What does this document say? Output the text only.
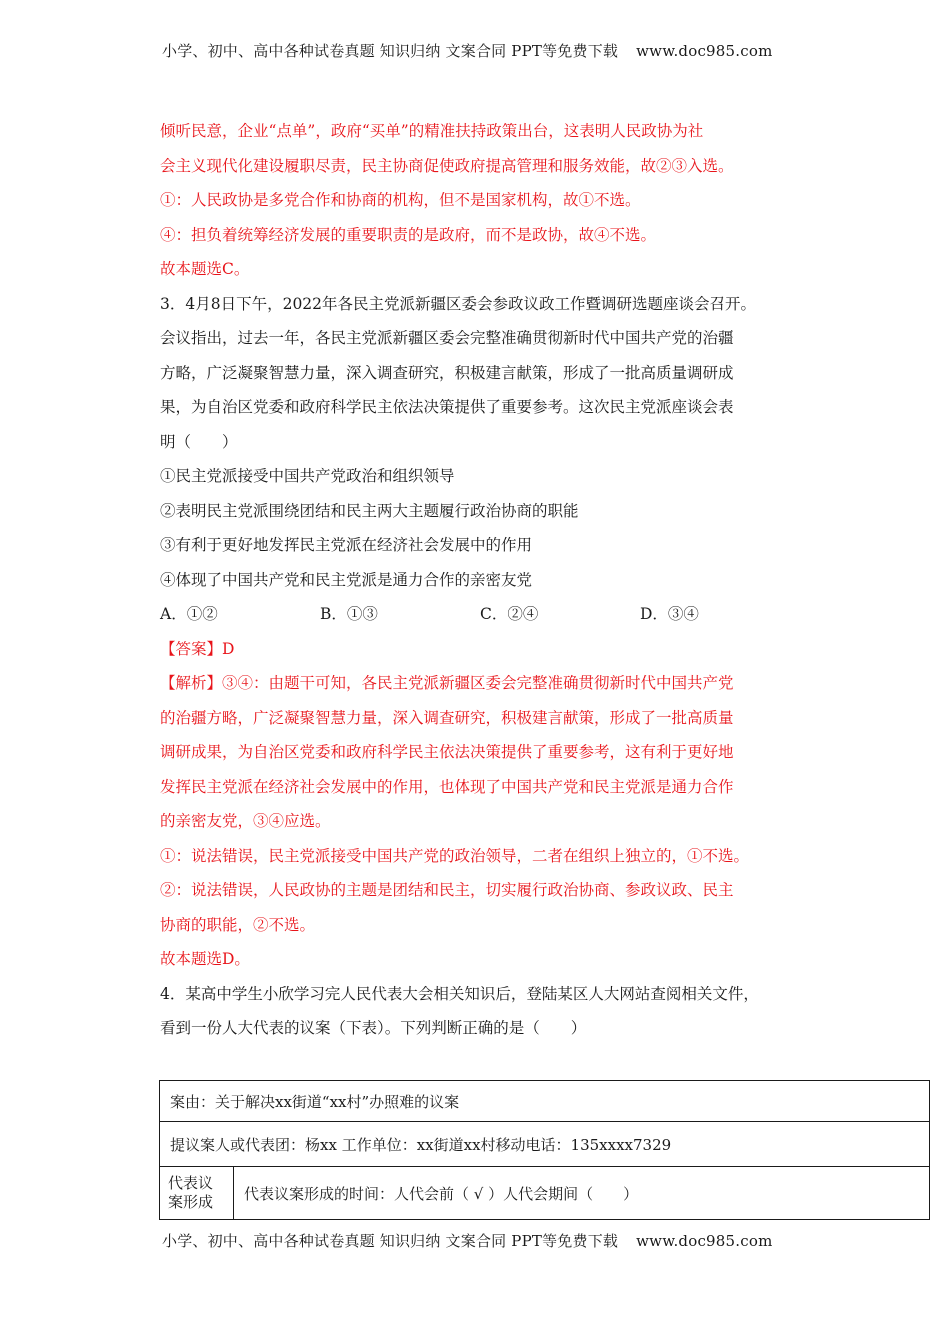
小学、初中、高中各种试卷真题 知识归纳 文案合同 PPT等免费下载 www.doc985.com
倾听民意，企业“点单”，政府“买单”的精准扶持政策出台，这表明人民政协为社
会主义现代化建设履职尽责，民主协商促使政府提高管理和服务效能，故②③入选。
①：人民政协是多党合作和协商的机构，但不是国家机构，故①不选。
④：担负着统筹经济发展的重要职责的是政府，而不是政协，故④不选。
故本题选C。
3．4月8日下午，2022年各民主党派新疆区委会参政议政工作暨调研选题座谈会召开。
会议指出，过去一年，各民主党派新疆区委会完整准确贯彻新时代中国共产党的治疆
方略，广泛凝聚智慧力量，深入调查研究，积极建言献策，形成了一批高质量调研成
果，为自治区党委和政府科学民主依法决策提供了重要参考。这次民主党派座谈会表
明（　　）
①民主党派接受中国共产党政治和组织领导
②表明民主党派围绕团结和民主两大主题履行政治协商的职能
③有利于更好地发挥民主党派在经济社会发展中的作用
④体现了中国共产党和民主党派是通力合作的亲密友党
A．①②	B．①③	C．②④	D．③④
【答案】D
【解析】③④：由题干可知，各民主党派新疆区委会完整准确贯彻新时代中国共产党
的治疆方略，广泛凝聚智慧力量，深入调查研究，积极建言献策，形成了一批高质量
调研成果，为自治区党委和政府科学民主依法决策提供了重要参考，这有利于更好地
发挥民主党派在经济社会发展中的作用，也体现了中国共产党和民主党派是通力合作
的亲密友党，③④应选。
①：说法错误，民主党派接受中国共产党的政治领导，二者在组织上独立的，①不选。
②：说法错误，人民政协的主题是团结和民主，切实履行政治协商、参政议政、民主
协商的职能，②不选。
故本题选D。
4．某高中学生小欣学习完人民代表大会相关知识后，登陆某区人大网站查阅相关文件，
看到一份人大代表的议案（下表）。下列判断正确的是（　　）
案由：关于解决xx街道“xx村”办照难的议案
提议案人或代表团：杨xx 工作单位：xx街道xx村移动电话：135xxxx7329
代表议案形成	代表议案形成的时间：人代会前（ √ ）人代会期间（　　）
小学、初中、高中各种试卷真题 知识归纳 文案合同 PPT等免费下载 www.doc985.com
